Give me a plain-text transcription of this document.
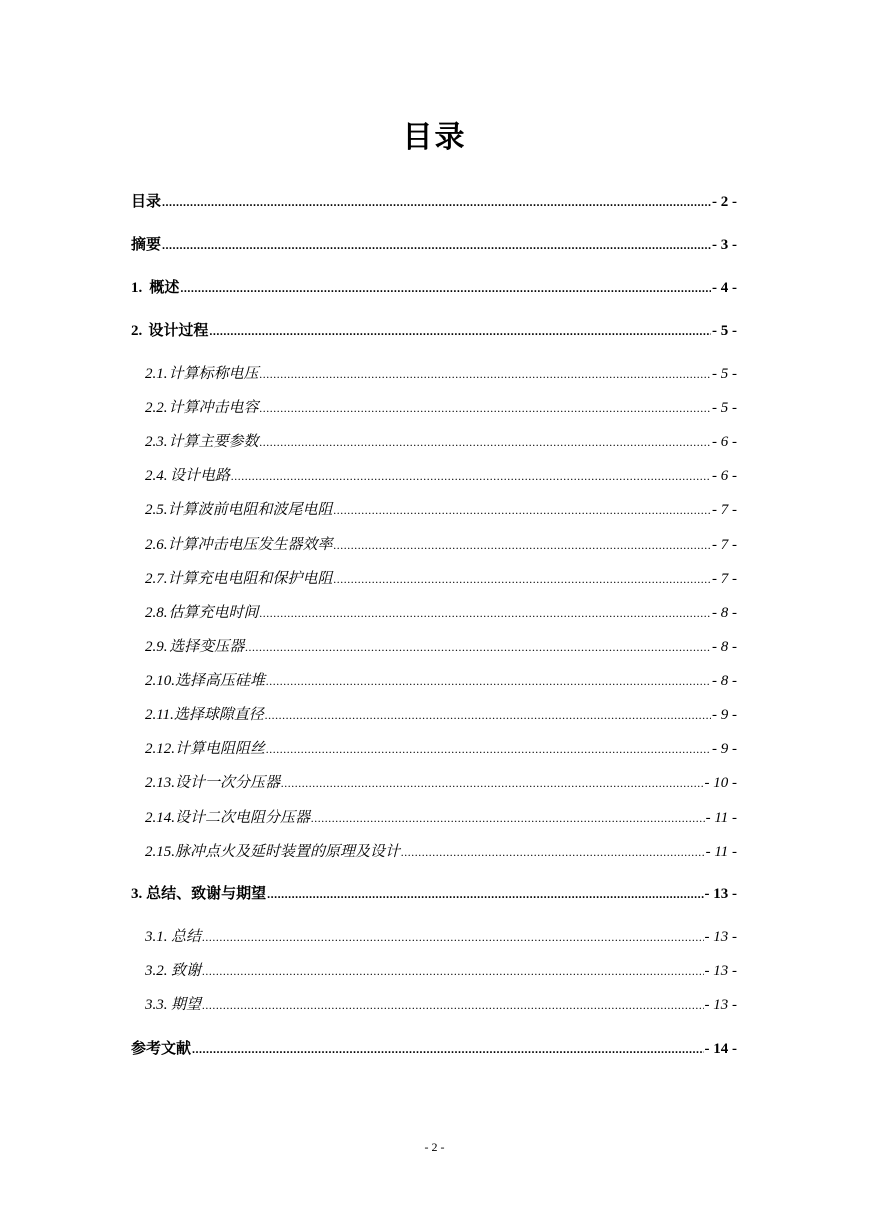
目录
目录 .....	- 2 -
摘要 .....	- 3 -
1. 概述 .....	- 4 -
2. 设计过程 .....	- 5 -
2.1. 计算标称电压 .....	- 5 -
2.2. 计算冲击电容 .....	- 5 -
2.3. 计算主要参数 .....	- 6 -
2.4. 设计电路 .....	- 6 -
2.5. 计算波前电阻和波尾电阻 .....	- 7 -
2.6. 计算冲击电压发生器效率 .....	- 7 -
2.7. 计算充电电阻和保护电阻 .....	- 7 -
2.8. 估算充电时间 .....	- 8 -
2.9. 选择变压器 .....	- 8 -
2.10. 选择高压硅堆 .....	- 8 -
2.11. 选择球隙直径 .....	- 9 -
2.12. 计算电阻阻丝 .....	- 9 -
2.13. 设计一次分压器 .....	- 10 -
2.14. 设计二次电阻分压器 .....	- 11 -
2.15. 脉冲点火及延时装置的原理及设计 .....	- 11 -
3. 总结、致谢与期望 .....	- 13 -
3.1. 总结 .....	- 13 -
3.2. 致谢 .....	- 13 -
3.3. 期望 .....	- 13 -
参考文献 .....	- 14 -
- 2 -
